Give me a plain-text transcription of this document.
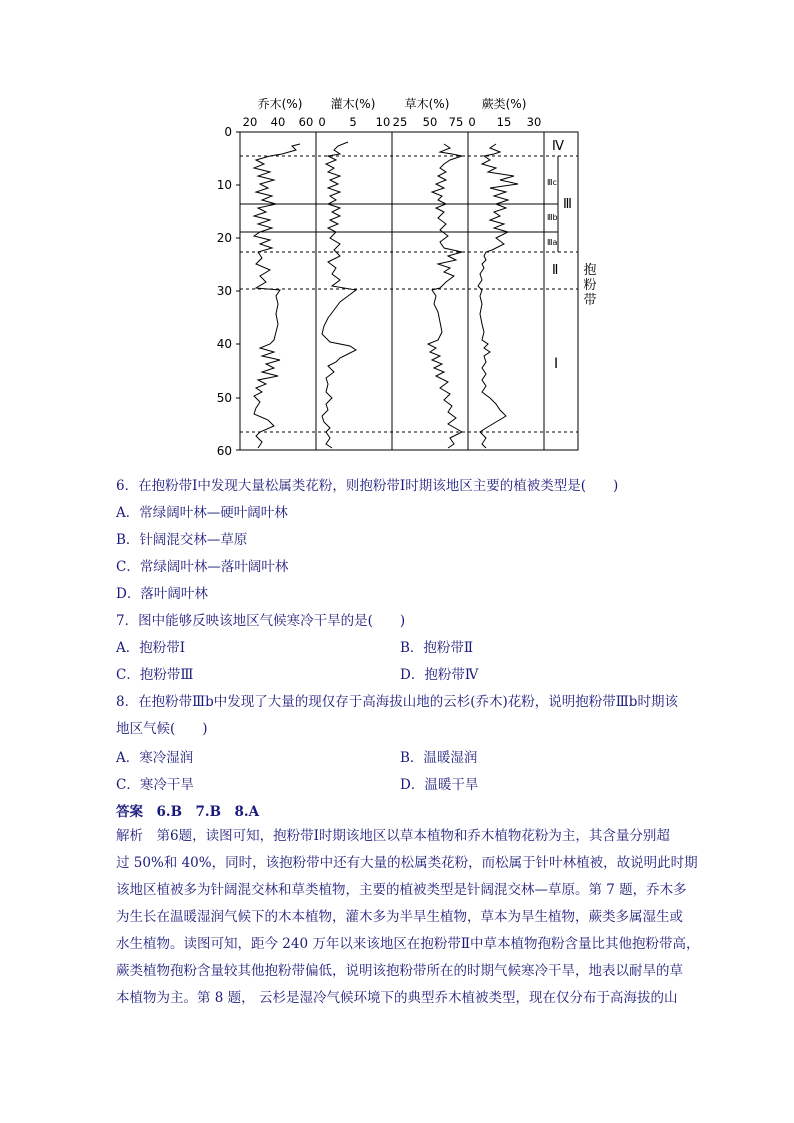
乔木(%) 灌木(%) 草木(%)	蕨类(%)
20 40 60 0 5 10 25 50 75 0 15 30
0
10
20
30
40
50
60
Ⅳ
Ⅲc
Ⅲb
Ⅲa
Ⅲ
Ⅱ
Ⅰ
抱
粉
带
6．在抱粉带Ⅰ中发现大量松属类花粉，则抱粉带Ⅰ时期该地区主要的植被类型是(　　)
A．常绿阔叶林—硬叶阔叶林
B．针阔混交林—草原
C．常绿阔叶林—落叶阔叶林
D．落叶阔叶林
7．图中能够反映该地区气候寒冷干旱的是(　　)
A．抱粉带Ⅰ	B．抱粉带Ⅱ
C．抱粉带Ⅲ	D．抱粉带Ⅳ
8．在抱粉带Ⅲb中发现了大量的现仅存于高海拔山地的云杉(乔木)花粉，说明抱粉带Ⅲb时期该
地区气候(　　)
A．寒冷湿润	B．温暖湿润
C．寒冷干旱	D．温暖干旱
答案　6.B　7.B　8.A
解析　第6题，读图可知，抱粉带Ⅰ时期该地区以草本植物和乔木植物花粉为主，其含量分别超
过 50%和 40%，同时，该抱粉带中还有大量的松属类花粉，而松属于针叶林植被，故说明此时期
该地区植被多为针阔混交林和草类植物，主要的植被类型是针阔混交林—草原。第 7 题，乔木多
为生长在温暖湿润气候下的木本植物，灌木多为半旱生植物，草本为旱生植物，蕨类多属湿生或
水生植物。读图可知，距今 240 万年以来该地区在抱粉带Ⅱ中草本植物孢粉含量比其他抱粉带高，
蕨类植物孢粉含量较其他抱粉带偏低，说明该抱粉带所在的时期气候寒冷干旱，地表以耐旱的草
本植物为主。第 8 题， 云杉是湿冷气候环境下的典型乔木植被类型，现在仅分布于高海拔的山
